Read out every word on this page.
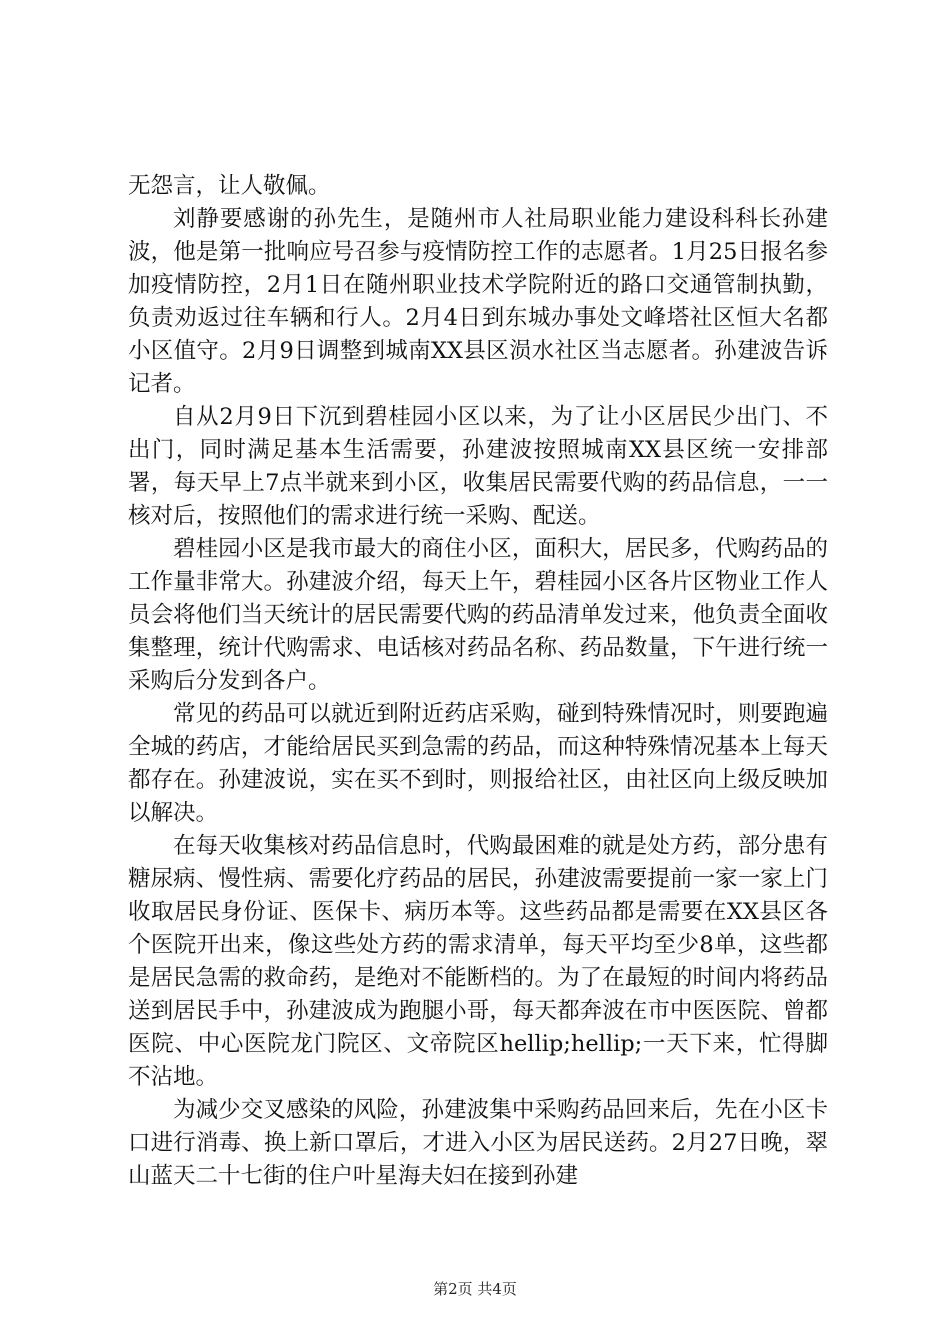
无怨言，让人敬佩。

刘静要感谢的孙先生，是随州市人社局职业能力建设科科长孙建波，他是第一批响应号召参与疫情防控工作的志愿者。1月25日报名参加疫情防控，2月1日在随州职业技术学院附近的路口交通管制执勤，负责劝返过往车辆和行人。2月4日到东城办事处文峰塔社区恒大名都小区值守。2月9日调整到城南XX县区涢水社区当志愿者。孙建波告诉记者。

自从2月9日下沉到碧桂园小区以来，为了让小区居民少出门、不出门，同时满足基本生活需要，孙建波按照城南XX县区统一安排部署，每天早上7点半就来到小区，收集居民需要代购的药品信息，一一核对后，按照他们的需求进行统一采购、配送。

碧桂园小区是我市最大的商住小区，面积大，居民多，代购药品的工作量非常大。孙建波介绍，每天上午，碧桂园小区各片区物业工作人员会将他们当天统计的居民需要代购的药品清单发过来，他负责全面收集整理，统计代购需求、电话核对药品名称、药品数量，下午进行统一采购后分发到各户。

常见的药品可以就近到附近药店采购，碰到特殊情况时，则要跑遍全城的药店，才能给居民买到急需的药品，而这种特殊情况基本上每天都存在。孙建波说，实在买不到时，则报给社区，由社区向上级反映加以解决。

在每天收集核对药品信息时，代购最困难的就是处方药，部分患有糖尿病、慢性病、需要化疗药品的居民，孙建波需要提前一家一家上门收取居民身份证、医保卡、病历本等。这些药品都是需要在XX县区各个医院开出来，像这些处方药的需求清单，每天平均至少8单，这些都是居民急需的救命药，是绝对不能断档的。为了在最短的时间内将药品送到居民手中，孙建波成为跑腿小哥，每天都奔波在市中医医院、曾都医院、中心医院龙门院区、文帝院区hellip;hellip;一天下来，忙得脚不沾地。

为减少交叉感染的风险，孙建波集中采购药品回来后，先在小区卡口进行消毒、换上新口罩后，才进入小区为居民送药。2月27日晚，翠山蓝天二十七街的住户叶星海夫妇在接到孙建

第2页 共4页
